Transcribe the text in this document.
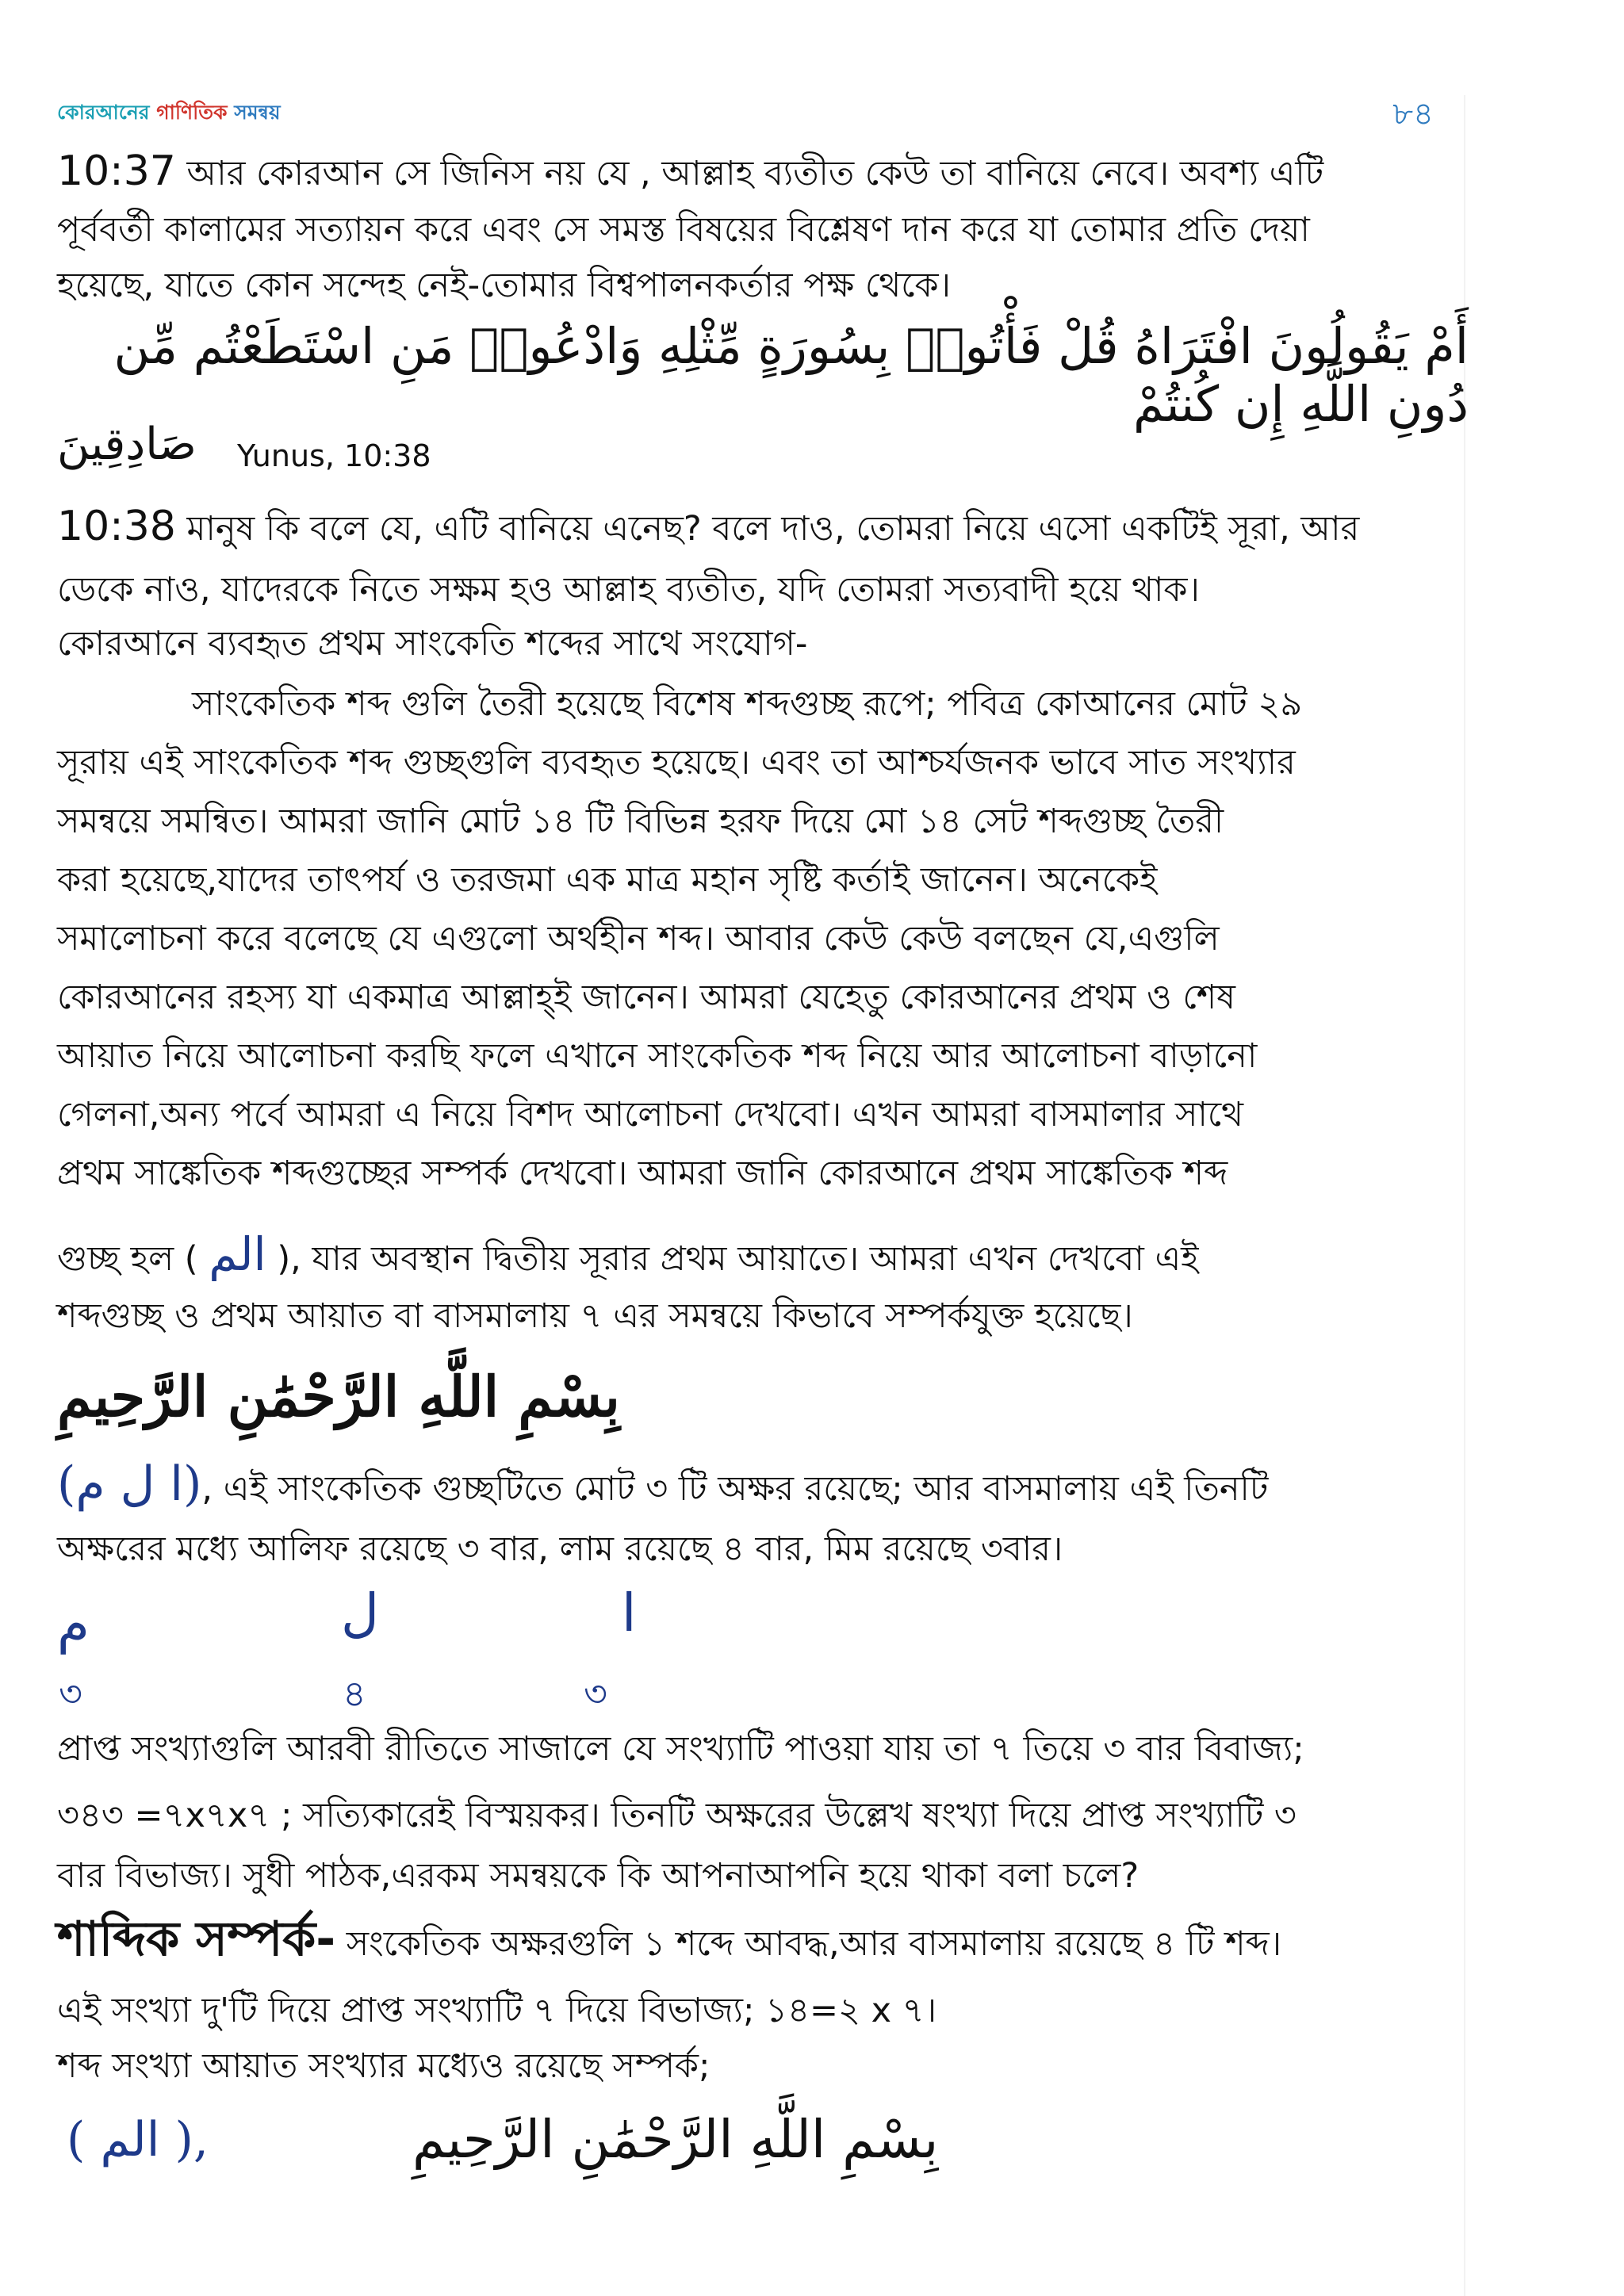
কোরআনের গাণিতিক সমন্বয়	৮৪
10:37 আর কোরআন সে জিনিস নয় যে , আল্লাহ ব্যতীত কেউ তা বানিয়ে নেবে। অবশ্য এটি
পূর্ববর্তী কালামের সত্যায়ন করে এবং সে সমস্ত বিষয়ের বিশ্লেষণ দান করে যা তোমার প্রতি দেয়া
হয়েছে, যাতে কোন সন্দেহ নেই-তোমার বিশ্বপালনকর্তার পক্ষ থেকে।
أَمْ يَقُولُونَ افْتَرَاهُ قُلْ فَأْتُوا۟ بِسُورَةٍ مِّثْلِهِ وَادْعُوا۟ مَنِ اسْتَطَعْتُم مِّن دُونِ اللَّهِ إِن كُنتُمْ
صَادِقِينَ Yunus, 10:38
10:38 মানুষ কি বলে যে, এটি বানিয়ে এনেছ? বলে দাও, তোমরা নিয়ে এসো একটিই সূরা, আর
ডেকে নাও, যাদেরকে নিতে সক্ষম হও আল্লাহ ব্যতীত, যদি তোমরা সত্যবাদী হয়ে থাক।
কোরআনে ব্যবহৃত প্রথম সাংকেতি শব্দের সাথে সংযোগ-
সাংকেতিক শব্দ গুলি তৈরী হয়েছে বিশেষ শব্দগুচ্ছ রূপে; পবিত্র কোআনের মোট ২৯
সূরায় এই সাংকেতিক শব্দ গুচ্ছগুলি ব্যবহৃত হয়েছে। এবং তা আশ্চর্যজনক ভাবে সাত সংখ্যার
সমন্বয়ে সমন্বিত। আমরা জানি মোট ১৪ টি বিভিন্ন হরফ দিয়ে মো ১৪ সেট শব্দগুচ্ছ তৈরী
করা হয়েছে,যাদের তাৎপর্য ও তরজমা এক মাত্র মহান সৃষ্টি কর্তাই জানেন। অনেকেই
সমালোচনা করে বলেছে যে এগুলো অর্থহীন শব্দ। আবার কেউ কেউ বলছেন যে,এগুলি
কোরআনের রহস্য যা একমাত্র আল্লাহ্ই জানেন। আমরা যেহেতু কোরআনের প্রথম ও শেষ
আয়াত নিয়ে আলোচনা করছি ফলে এখানে সাংকেতিক শব্দ নিয়ে আর আলোচনা বাড়ানো
গেলনা,অন্য পর্বে আমরা এ নিয়ে বিশদ আলোচনা দেখবো। এখন আমরা বাসমালার সাথে
প্রথম সাঙ্কেতিক শব্দগুচ্ছের সম্পর্ক দেখবো। আমরা জানি কোরআনে প্রথম সাঙ্কেতিক শব্দ
গুচ্ছ হল ( الم ), যার অবস্থান দ্বিতীয় সূরার প্রথম আয়াতে। আমরা এখন দেখবো এই
শব্দগুচ্ছ ও প্রথম আয়াত বা বাসমালায় ৭ এর সমন্বয়ে কিভাবে সম্পর্কযুক্ত হয়েছে।
بِسْمِ اللَّهِ الرَّحْمَٰنِ الرَّحِيمِ
(ا ل م), এই সাংকেতিক গুচ্ছটিতে মোট ৩ টি অক্ষর রয়েছে; আর বাসমালায় এই তিনটি
অক্ষরের মধ্যে আলিফ রয়েছে ৩ বার, লাম রয়েছে ৪ বার, মিম রয়েছে ৩বার।
م	ل	ا
৩	৪	৩
প্রাপ্ত সংখ্যাগুলি আরবী রীতিতে সাজালে যে সংখ্যাটি পাওয়া যায় তা ৭ তিয়ে ৩ বার বিবাজ্য;
৩৪৩ =৭x৭x৭ ; সত্যিকারেই বিস্ময়কর। তিনটি অক্ষরের উল্লেখ ষংখ্যা দিয়ে প্রাপ্ত সংখ্যাটি ৩
বার বিভাজ্য। সুধী পাঠক,এরকম সমন্বয়কে কি আপনাআপনি হয়ে থাকা বলা চলে?
শাব্দিক সম্পর্ক- সংকেতিক অক্ষরগুলি ১ শব্দে আবদ্ধ,আর বাসমালায় রয়েছে ৪ টি শব্দ।
এই সংখ্যা দু'টি দিয়ে প্রাপ্ত সংখ্যাটি ৭ দিয়ে বিভাজ্য; ১৪=২ x ৭।
শব্দ সংখ্যা আয়াত সংখ্যার মধ্যেও রয়েছে সম্পর্ক;
( الم ),	بِسْمِ اللَّهِ الرَّحْمَٰنِ الرَّحِيمِ
